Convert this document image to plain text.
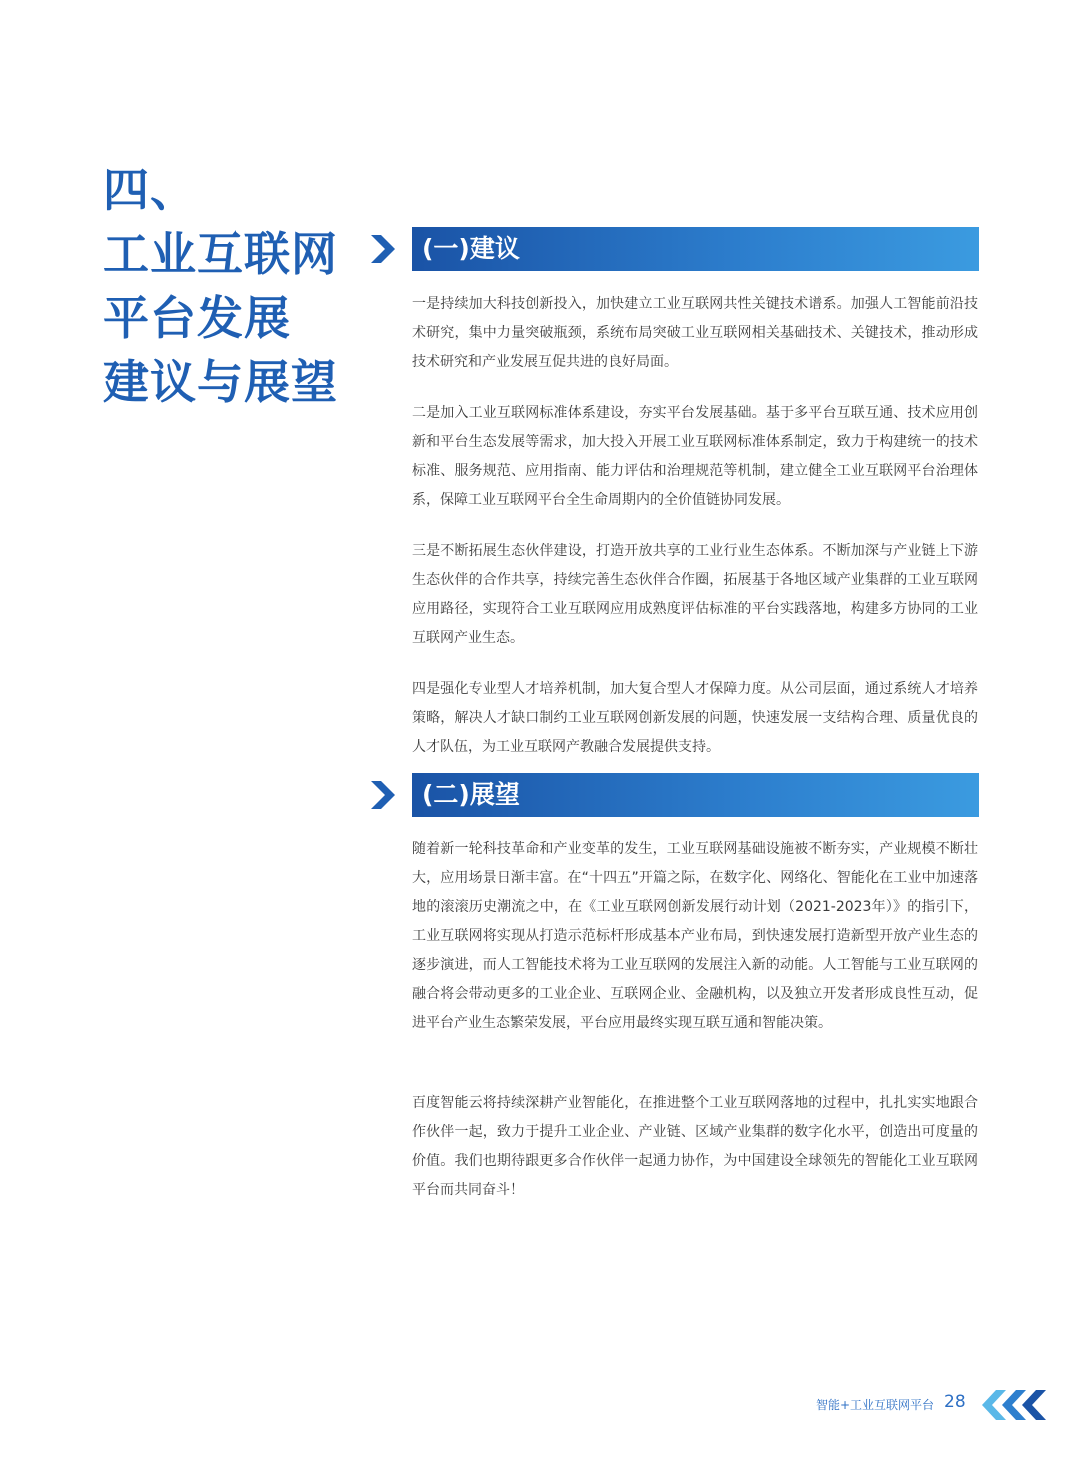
四、
工业互联网
平台发展
建议与展望
(一)建议

一是持续加大科技创新投入，加快建立工业互联网共性关键技术谱系。加强人工智能前沿技术研究，集中力量突破瓶颈，系统布局突破工业互联网相关基础技术、关键技术，推动形成技术研究和产业发展互促共进的良好局面。

二是加入工业互联网标准体系建设，夯实平台发展基础。基于多平台互联互通、技术应用创新和平台生态发展等需求，加大投入开展工业互联网标准体系制定，致力于构建统一的技术标准、服务规范、应用指南、能力评估和治理规范等机制，建立健全工业互联网平台治理体系，保障工业互联网平台全生命周期内的全价值链协同发展。

三是不断拓展生态伙伴建设，打造开放共享的工业行业生态体系。不断加深与产业链上下游生态伙伴的合作共享，持续完善生态伙伴合作圈，拓展基于各地区域产业集群的工业互联网应用路径，实现符合工业互联网应用成熟度评估标准的平台实践落地，构建多方协同的工业互联网产业生态。

四是强化专业型人才培养机制，加大复合型人才保障力度。从公司层面，通过系统人才培养策略，解决人才缺口制约工业互联网创新发展的问题，快速发展一支结构合理、质量优良的人才队伍，为工业互联网产教融合发展提供支持。

(二)展望

随着新一轮科技革命和产业变革的发生，工业互联网基础设施被不断夯实，产业规模不断壮大，应用场景日渐丰富。在“十四五”开篇之际，在数字化、网络化、智能化在工业中加速落地的滚滚历史潮流之中，在《工业互联网创新发展行动计划（2021-2023年）》的指引下，工业互联网将实现从打造示范标杆形成基本产业布局，到快速发展打造新型开放产业生态的逐步演进，而人工智能技术将为工业互联网的发展注入新的动能。人工智能与工业互联网的融合将会带动更多的工业企业、互联网企业、金融机构，以及独立开发者形成良性互动，促进平台产业生态繁荣发展，平台应用最终实现互联互通和智能决策。

百度智能云将持续深耕产业智能化，在推进整个工业互联网落地的过程中，扎扎实实地跟合作伙伴一起，致力于提升工业企业、产业链、区域产业集群的数字化水平，创造出可度量的价值。我们也期待跟更多合作伙伴一起通力协作，为中国建设全球领先的智能化工业互联网平台而共同奋斗！

智能+工业互联网平台 28
